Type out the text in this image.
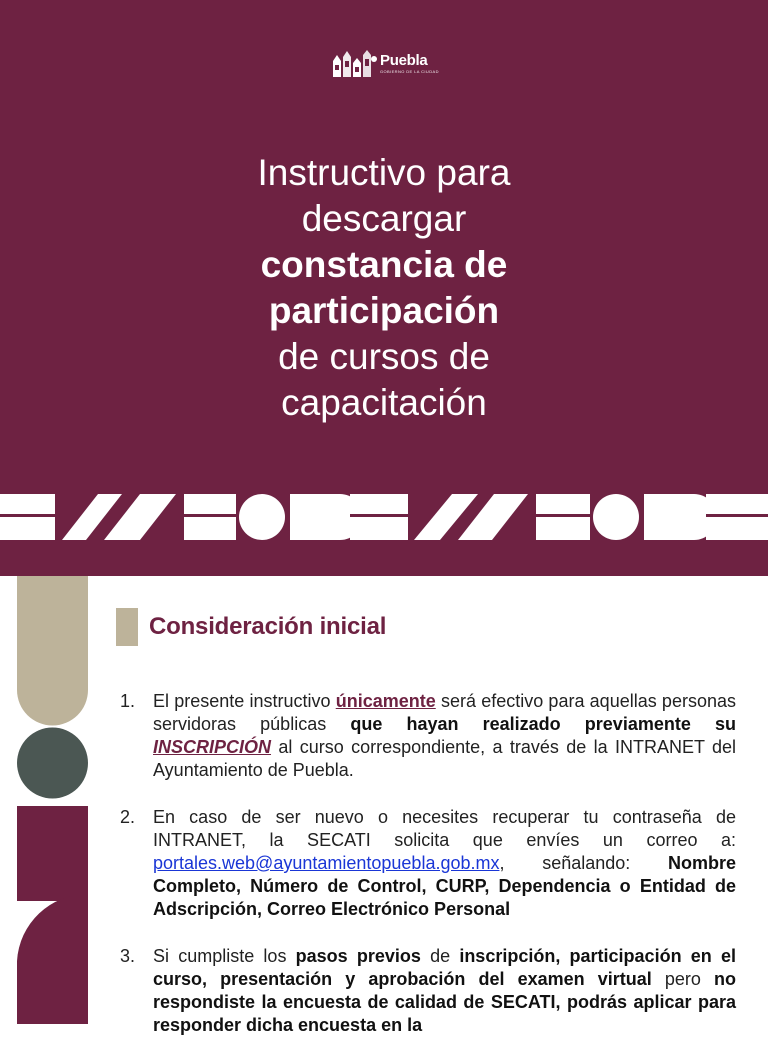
Puebla
GOBIERNO DE LA CIUDAD
Instructivo para
descargar
constancia de
participación
de cursos de
capacitación
Consideración inicial
1. El presente instructivo únicamente será efectivo para aquellas personas servidoras públicas que hayan realizado previamente su INSCRIPCIÓN al curso correspondiente, a través de la INTRANET del Ayuntamiento de Puebla.
2. En caso de ser nuevo o necesites recuperar tu contraseña de INTRANET, la SECATI solicita que envíes un correo a: portales.web@ayuntamientopuebla.gob.mx, señalando: Nombre Completo, Número de Control, CURP, Dependencia o Entidad de Adscripción, Correo Electrónico Personal
3. Si cumpliste los pasos previos de inscripción, participación en el curso, presentación y aprobación del examen virtual pero no respondiste la encuesta de calidad de SECATI, podrás aplicar para responder dicha encuesta en la
